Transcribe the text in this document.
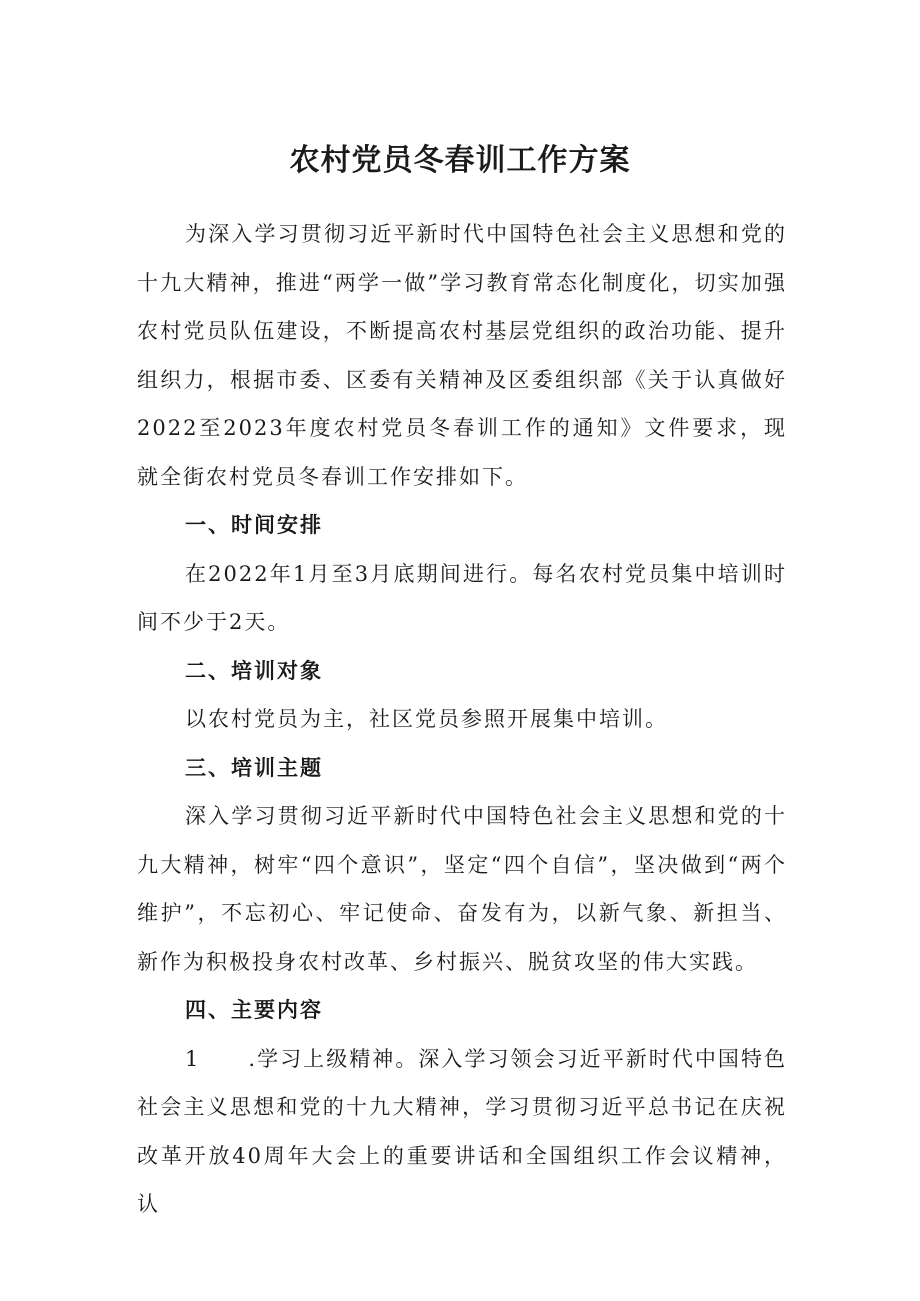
农村党员冬春训工作方案

为深入学习贯彻习近平新时代中国特色社会主义思想和党的十九大精神，推进“两学一做”学习教育常态化制度化，切实加强农村党员队伍建设，不断提高农村基层党组织的政治功能、提升组织力，根据市委、区委有关精神及区委组织部《关于认真做好2022至2023年度农村党员冬春训工作的通知》文件要求，现就全街农村党员冬春训工作安排如下。

一、时间安排

在2022年1月至3月底期间进行。每名农村党员集中培训时间不少于2天。

二、培训对象

以农村党员为主，社区党员参照开展集中培训。

三、培训主题

深入学习贯彻习近平新时代中国特色社会主义思想和党的十九大精神，树牢“四个意识”，坚定“四个自信”，坚决做到“两个维护”，不忘初心、牢记使命、奋发有为，以新气象、新担当、新作为积极投身农村改革、乡村振兴、脱贫攻坚的伟大实践。

四、主要内容

1 .学习上级精神。深入学习领会习近平新时代中国特色社会主义思想和党的十九大精神，学习贯彻习近平总书记在庆祝改革开放40周年大会上的重要讲话和全国组织工作会议精神，认
